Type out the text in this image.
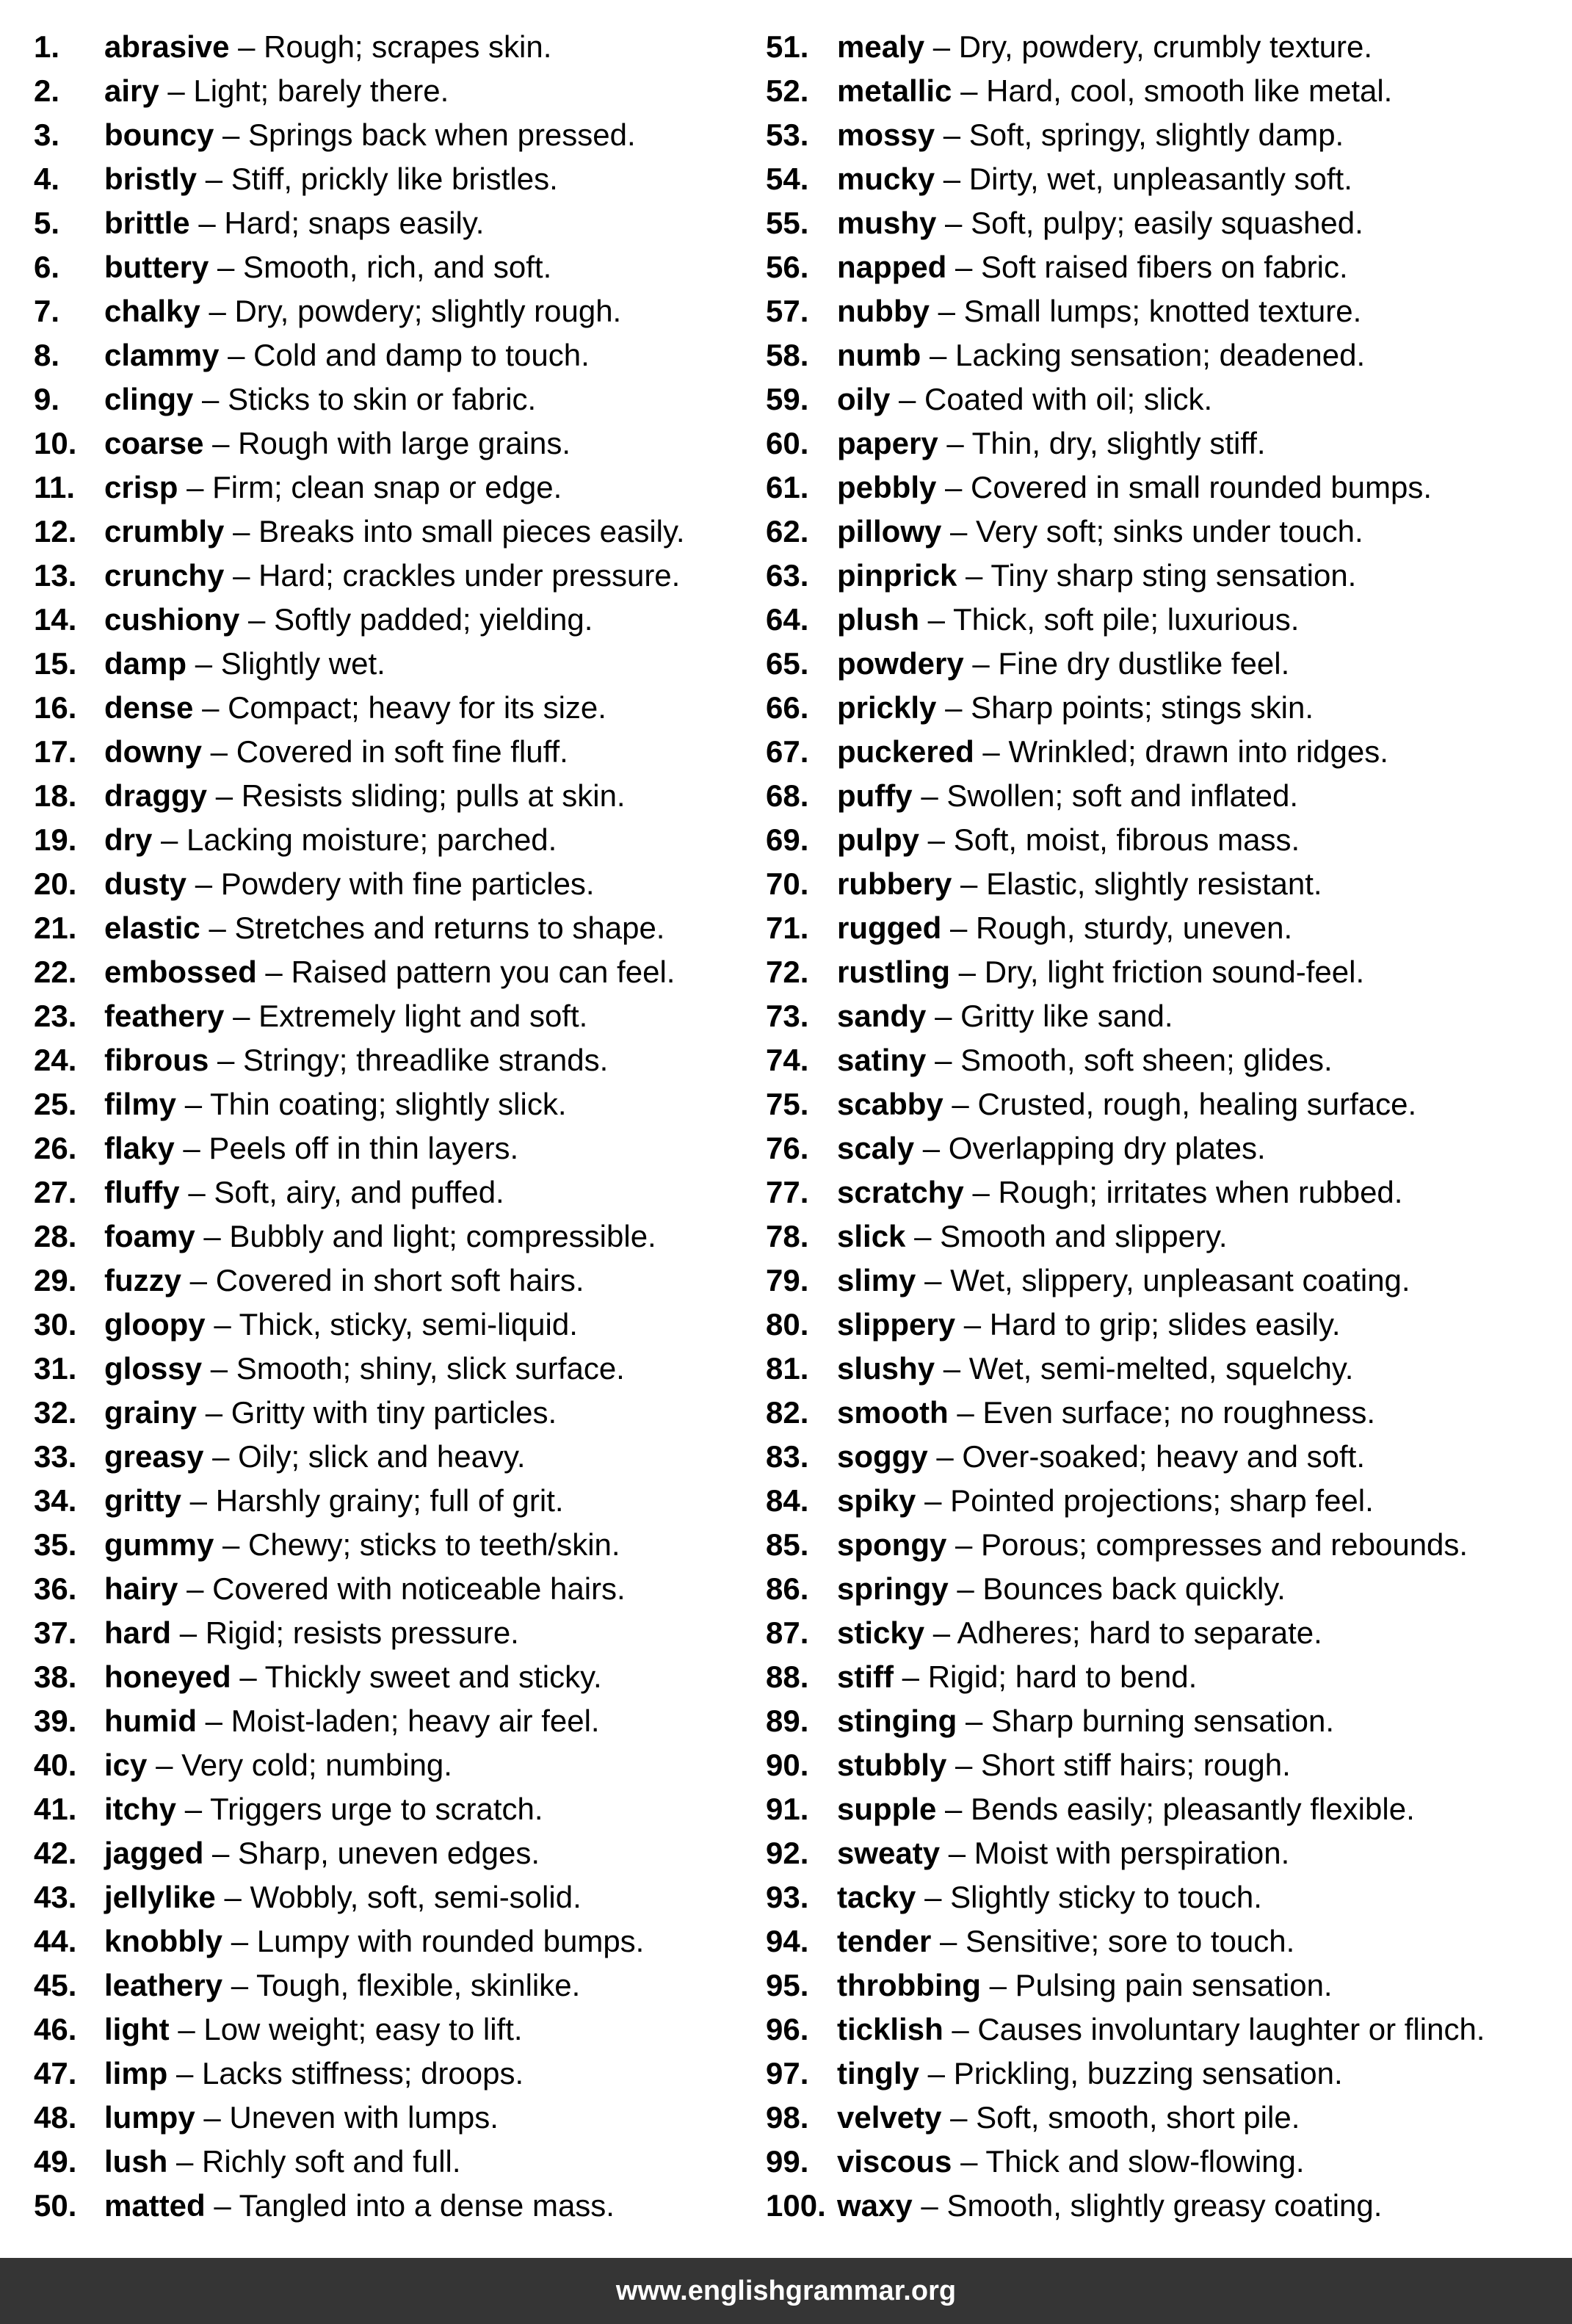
1. abrasive – Rough; scrapes skin.
2. airy – Light; barely there.
3. bouncy – Springs back when pressed.
4. bristly – Stiff, prickly like bristles.
5. brittle – Hard; snaps easily.
6. buttery – Smooth, rich, and soft.
7. chalky – Dry, powdery; slightly rough.
8. clammy – Cold and damp to touch.
9. clingy – Sticks to skin or fabric.
10. coarse – Rough with large grains.
11. crisp – Firm; clean snap or edge.
12. crumbly – Breaks into small pieces easily.
13. crunchy – Hard; crackles under pressure.
14. cushiony – Softly padded; yielding.
15. damp – Slightly wet.
16. dense – Compact; heavy for its size.
17. downy – Covered in soft fine fluff.
18. draggy – Resists sliding; pulls at skin.
19. dry – Lacking moisture; parched.
20. dusty – Powdery with fine particles.
21. elastic – Stretches and returns to shape.
22. embossed – Raised pattern you can feel.
23. feathery – Extremely light and soft.
24. fibrous – Stringy; threadlike strands.
25. filmy – Thin coating; slightly slick.
26. flaky – Peels off in thin layers.
27. fluffy – Soft, airy, and puffed.
28. foamy – Bubbly and light; compressible.
29. fuzzy – Covered in short soft hairs.
30. gloopy – Thick, sticky, semi-liquid.
31. glossy – Smooth; shiny, slick surface.
32. grainy – Gritty with tiny particles.
33. greasy – Oily; slick and heavy.
34. gritty – Harshly grainy; full of grit.
35. gummy – Chewy; sticks to teeth/skin.
36. hairy – Covered with noticeable hairs.
37. hard – Rigid; resists pressure.
38. honeyed – Thickly sweet and sticky.
39. humid – Moist-laden; heavy air feel.
40. icy – Very cold; numbing.
41. itchy – Triggers urge to scratch.
42. jagged – Sharp, uneven edges.
43. jellylike – Wobbly, soft, semi-solid.
44. knobbly – Lumpy with rounded bumps.
45. leathery – Tough, flexible, skinlike.
46. light – Low weight; easy to lift.
47. limp – Lacks stiffness; droops.
48. lumpy – Uneven with lumps.
49. lush – Richly soft and full.
50. matted – Tangled into a dense mass.
51. mealy – Dry, powdery, crumbly texture.
52. metallic – Hard, cool, smooth like metal.
53. mossy – Soft, springy, slightly damp.
54. mucky – Dirty, wet, unpleasantly soft.
55. mushy – Soft, pulpy; easily squashed.
56. napped – Soft raised fibers on fabric.
57. nubby – Small lumps; knotted texture.
58. numb – Lacking sensation; deadened.
59. oily – Coated with oil; slick.
60. papery – Thin, dry, slightly stiff.
61. pebbly – Covered in small rounded bumps.
62. pillowy – Very soft; sinks under touch.
63. pinprick – Tiny sharp sting sensation.
64. plush – Thick, soft pile; luxurious.
65. powdery – Fine dry dustlike feel.
66. prickly – Sharp points; stings skin.
67. puckered – Wrinkled; drawn into ridges.
68. puffy – Swollen; soft and inflated.
69. pulpy – Soft, moist, fibrous mass.
70. rubbery – Elastic, slightly resistant.
71. rugged – Rough, sturdy, uneven.
72. rustling – Dry, light friction sound-feel.
73. sandy – Gritty like sand.
74. satiny – Smooth, soft sheen; glides.
75. scabby – Crusted, rough, healing surface.
76. scaly – Overlapping dry plates.
77. scratchy – Rough; irritates when rubbed.
78. slick – Smooth and slippery.
79. slimy – Wet, slippery, unpleasant coating.
80. slippery – Hard to grip; slides easily.
81. slushy – Wet, semi-melted, squelchy.
82. smooth – Even surface; no roughness.
83. soggy – Over-soaked; heavy and soft.
84. spiky – Pointed projections; sharp feel.
85. spongy – Porous; compresses and rebounds.
86. springy – Bounces back quickly.
87. sticky – Adheres; hard to separate.
88. stiff – Rigid; hard to bend.
89. stinging – Sharp burning sensation.
90. stubbly – Short stiff hairs; rough.
91. supple – Bends easily; pleasantly flexible.
92. sweaty – Moist with perspiration.
93. tacky – Slightly sticky to touch.
94. tender – Sensitive; sore to touch.
95. throbbing – Pulsing pain sensation.
96. ticklish – Causes involuntary laughter or flinch.
97. tingly – Prickling, buzzing sensation.
98. velvety – Soft, smooth, short pile.
99. viscous – Thick and slow-flowing.
100. waxy – Smooth, slightly greasy coating.
www.englishgrammar.org
